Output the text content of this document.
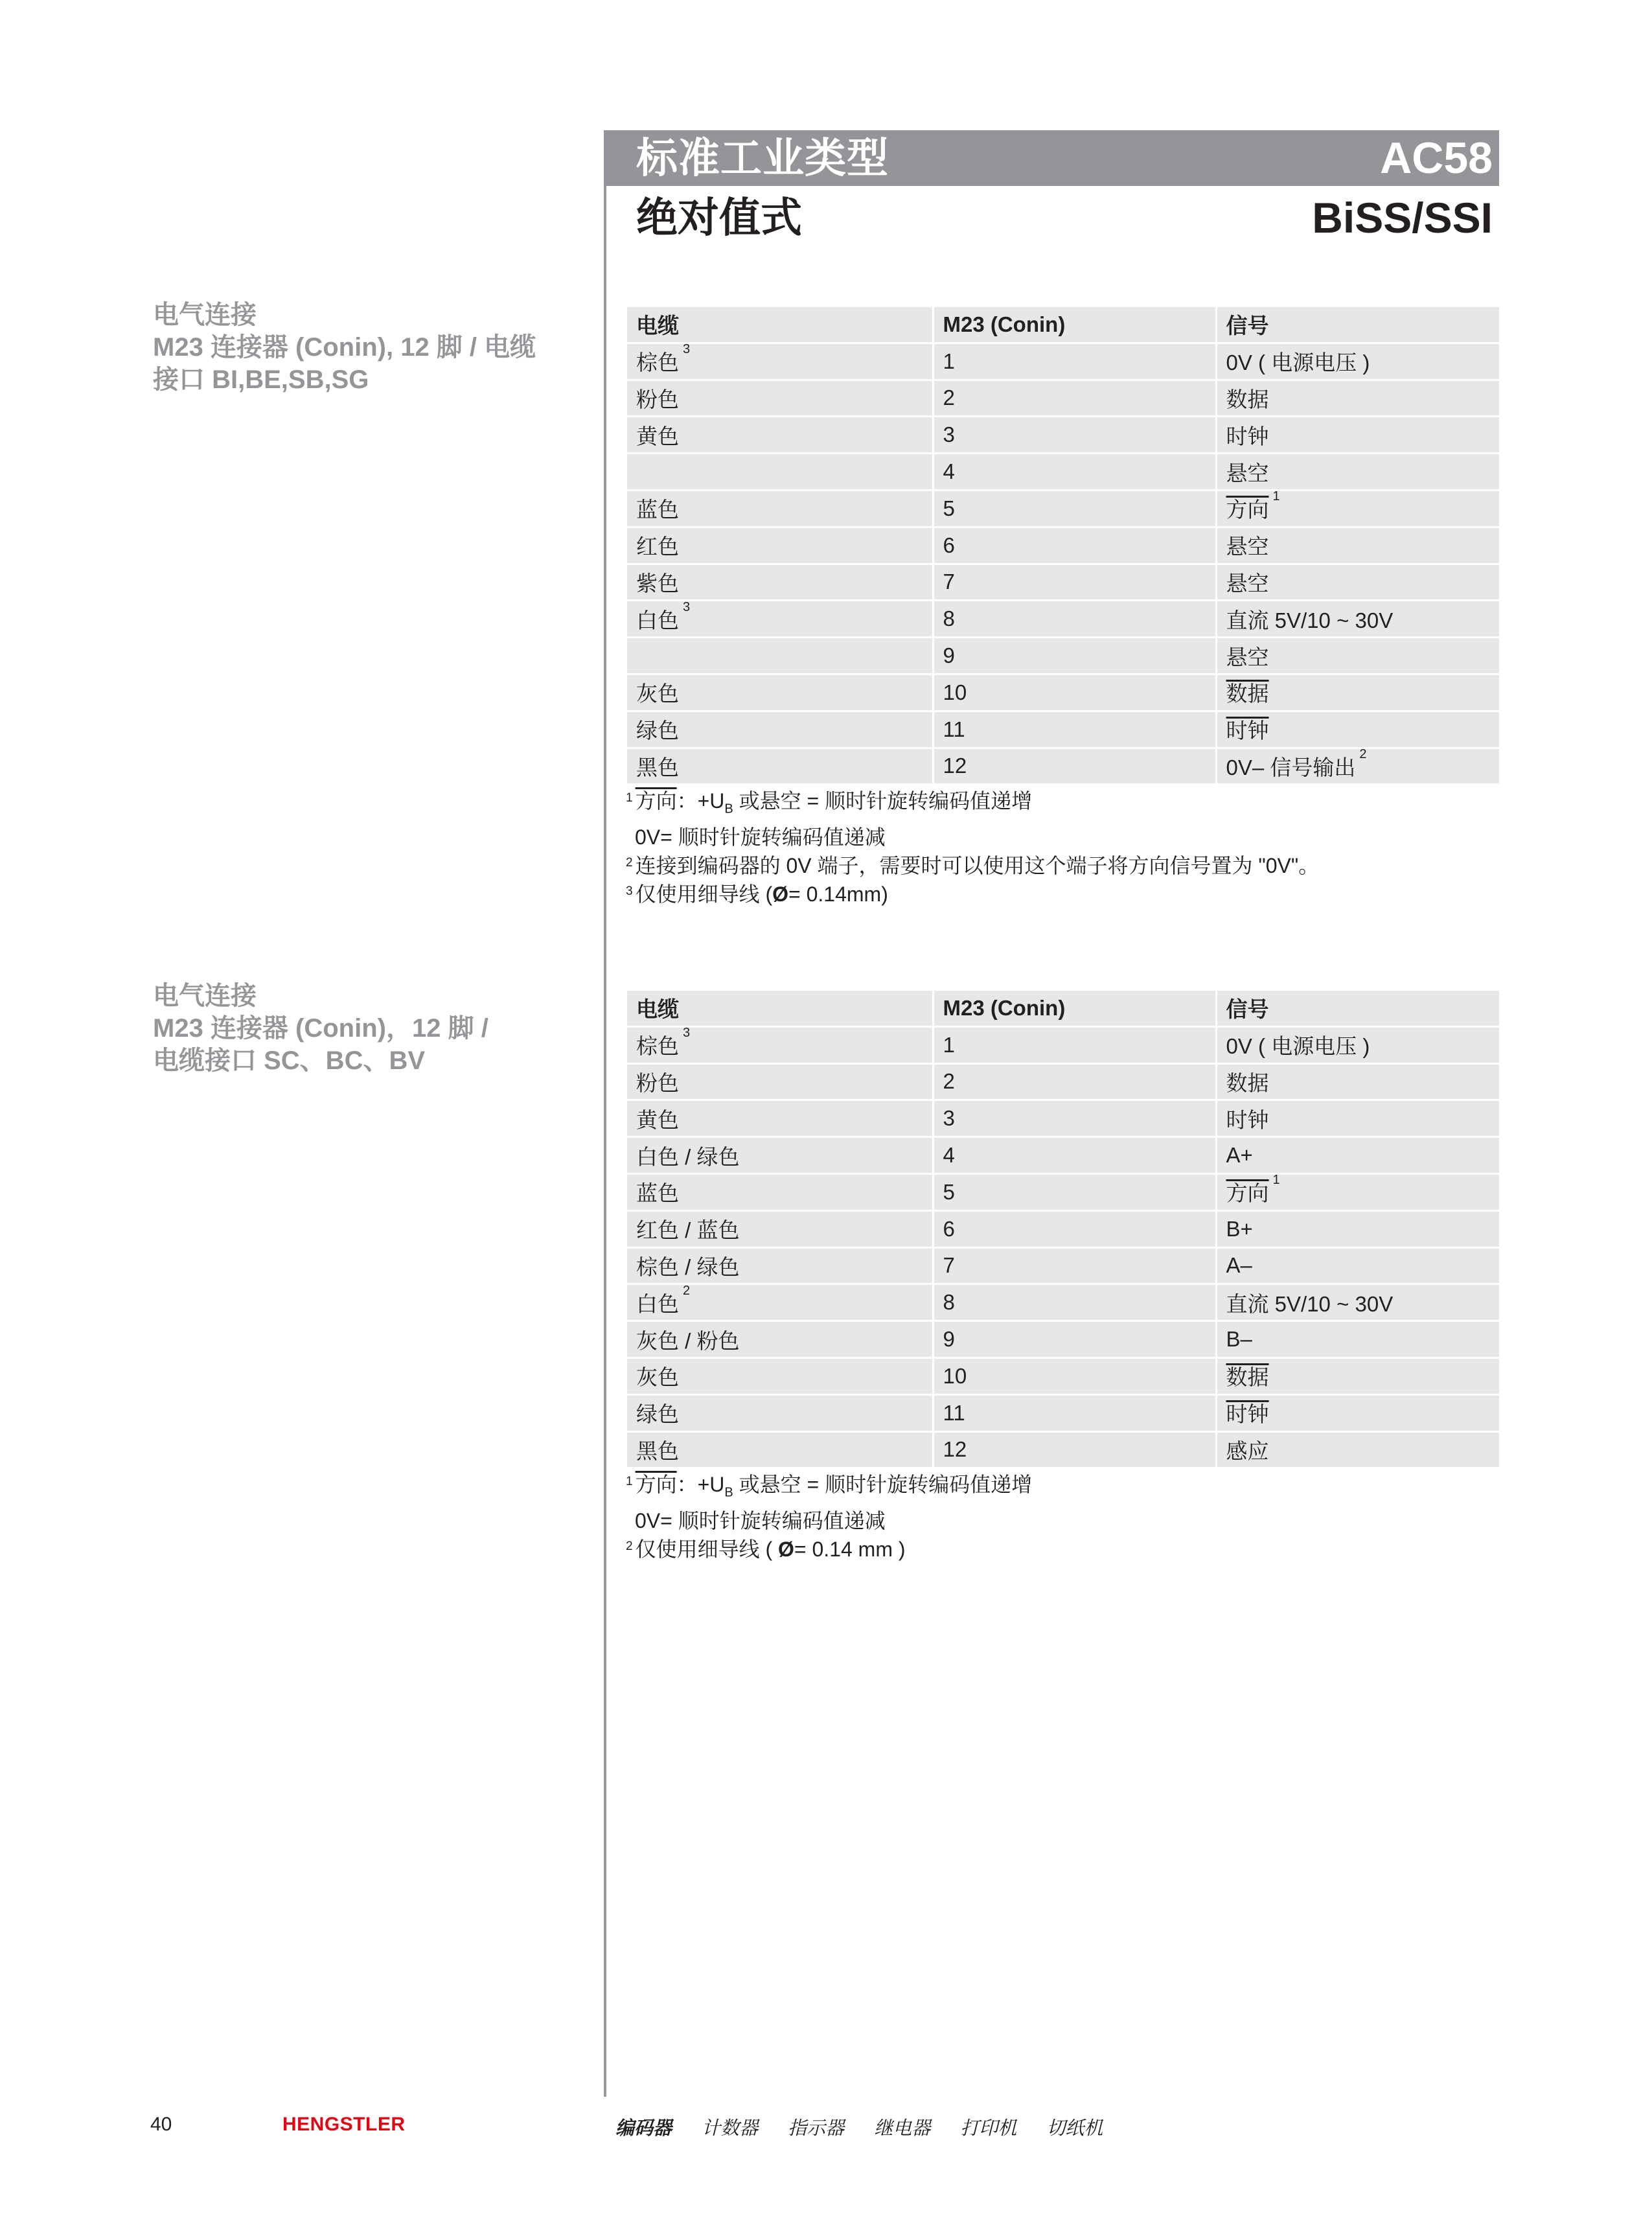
标准工业类型	AC58
绝对值式	BiSS/SSI
电气连接
M23 连接器 (Conin), 12 脚 / 电缆
接口 BI,BE,SB,SG
电缆	M23 (Conin)	信号
棕色$^3$	1	0V ( 电源电压 )
粉色	2	数据
黄色	3	时钟
	4	悬空
蓝色	5	方向$^1$
红色	6	悬空
紫色	7	悬空
白色$^3$	8	直流 5V/10 ~ 30V
	9	悬空
灰色	10	数据
绿色	11	时钟
黑色	12	0V– 信号输出$^2$
$^1$ 方向：$+U_B$ 或悬空 = 顺时针旋转编码值递增
0V= 顺时针旋转编码值递减
$^2$ 连接到编码器的 0V 端子，需要时可以使用这个端子将方向信号置为 "0V"。
$^3$ 仅使用细导线 (Ø= 0.14mm)
电气连接
M23 连接器 (Conin)，12 脚 /
电缆接口 SC、BC、BV
电缆	M23 (Conin)	信号
棕色$^3$	1	0V ( 电源电压 )
粉色	2	数据
黄色	3	时钟
白色 / 绿色	4	A+
蓝色	5	方向$^1$
红色 / 蓝色	6	B+
棕色 / 绿色	7	A–
白色$^2$	8	直流 5V/10 ~ 30V
灰色 / 粉色	9	B–
灰色	10	数据
绿色	11	时钟
黑色	12	感应
$^1$ 方向：$+U_B$ 或悬空 = 顺时针旋转编码值递增
0V= 顺时针旋转编码值递减
$^2$ 仅使用细导线 ( Ø= 0.14 mm )
40	HENGSTLER	编码器 计数器 指示器 继电器 打印机 切纸机
